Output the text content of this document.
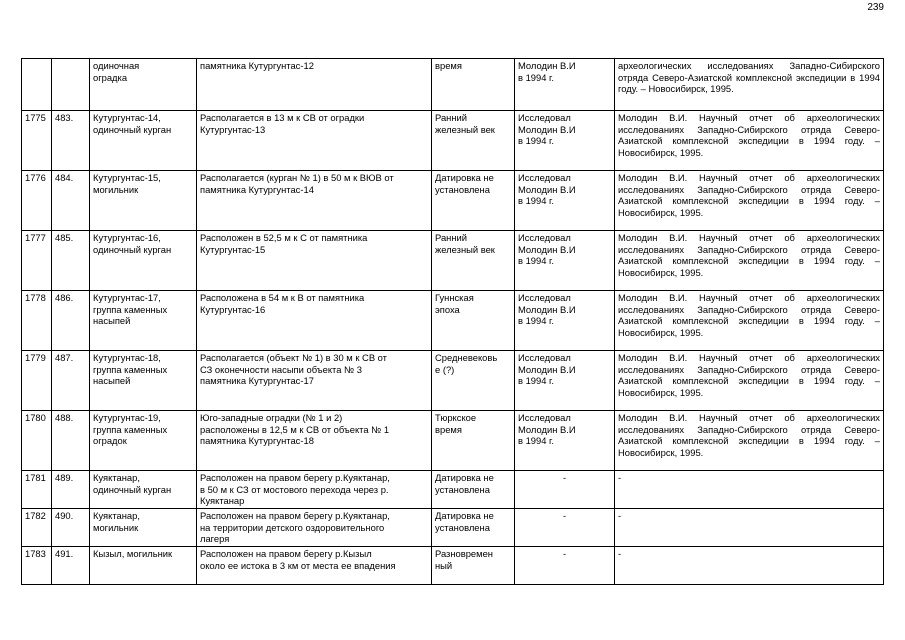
239
		одиночная
оградка	памятника Кутургунтас-12	время	Молодин В.И
в 1994 г.	археологических исследованиях Западно-Сибирского отряда Северо-Азиатской комплексной экспедиции в 1994 году. – Новосибирск, 1995.
1775	483.	Кутургунтас-14,
одиночный курган	Располагается в 13 м к СВ от оградки
Кутургунтас-13	Ранний
железный век	Исследовал
Молодин В.И
в 1994 г.	Молодин В.И. Научный отчет об археологических исследованиях Западно-Сибирского отряда Северо-Азиатской комплексной экспедиции в 1994 году. – Новосибирск, 1995.
1776	484.	Кутургунтас-15,
могильник	Располагается (курган № 1) в 50 м к ВЮВ от
памятника Кутургунтас-14	Датировка не
установлена	Исследовал
Молодин В.И
в 1994 г.	Молодин В.И. Научный отчет об археологических исследованиях Западно-Сибирского отряда Северо-Азиатской комплексной экспедиции в 1994 году. – Новосибирск, 1995.
1777	485.	Кутургунтас-16,
одиночный курган	Расположен в 52,5 м к С от памятника
Кутургунтас-15	Ранний
железный век	Исследовал
Молодин В.И
в 1994 г.	Молодин В.И. Научный отчет об археологических исследованиях Западно-Сибирского отряда Северо-Азиатской комплексной экспедиции в 1994 году. – Новосибирск, 1995.
1778	486.	Кутургунтас-17,
группа каменных
насыпей	Расположена в 54 м к В от памятника
Кутургунтас-16	Гуннская
эпоха	Исследовал
Молодин В.И
в 1994 г.	Молодин В.И. Научный отчет об археологических исследованиях Западно-Сибирского отряда Северо-Азиатской комплексной экспедиции в 1994 году. – Новосибирск, 1995.
1779	487.	Кутургунтас-18,
группа каменных
насыпей	Располагается (объект № 1) в 30 м к СВ от
СЗ оконечности насыпи объекта № 3
памятника Кутургунтас-17	Средневековь
е (?)	Исследовал
Молодин В.И
в 1994 г.	Молодин В.И. Научный отчет об археологических исследованиях Западно-Сибирского отряда Северо-Азиатской комплексной экспедиции в 1994 году. – Новосибирск, 1995.
1780	488.	Кутургунтас-19,
группа каменных
оградок	Юго-западные оградки (№ 1 и 2)
расположены в 12,5 м к СВ от объекта № 1
памятника Кутургунтас-18	Тюркское
время	Исследовал
Молодин В.И
в 1994 г.	Молодин В.И. Научный отчет об археологических исследованиях Западно-Сибирского отряда Северо-Азиатской комплексной экспедиции в 1994 году. – Новосибирск, 1995.
1781	489.	Куяктанар,
одиночный курган	Расположен на правом берегу р.Куяктанар,
в 50 м к СЗ от мостового перехода через р.
Куяктанар	Датировка не
установлена	-	-
1782	490.	Куяктанар,
могильник	Расположен на правом берегу р.Куяктанар,
на территории детского оздоровительного
лагеря	Датировка не
установлена	-	-
1783	491.	Кызыл, могильник	Расположен на правом берегу р.Кызыл
около ее истока в 3 км от места ее впадения	Разновремен
ный	-	-
